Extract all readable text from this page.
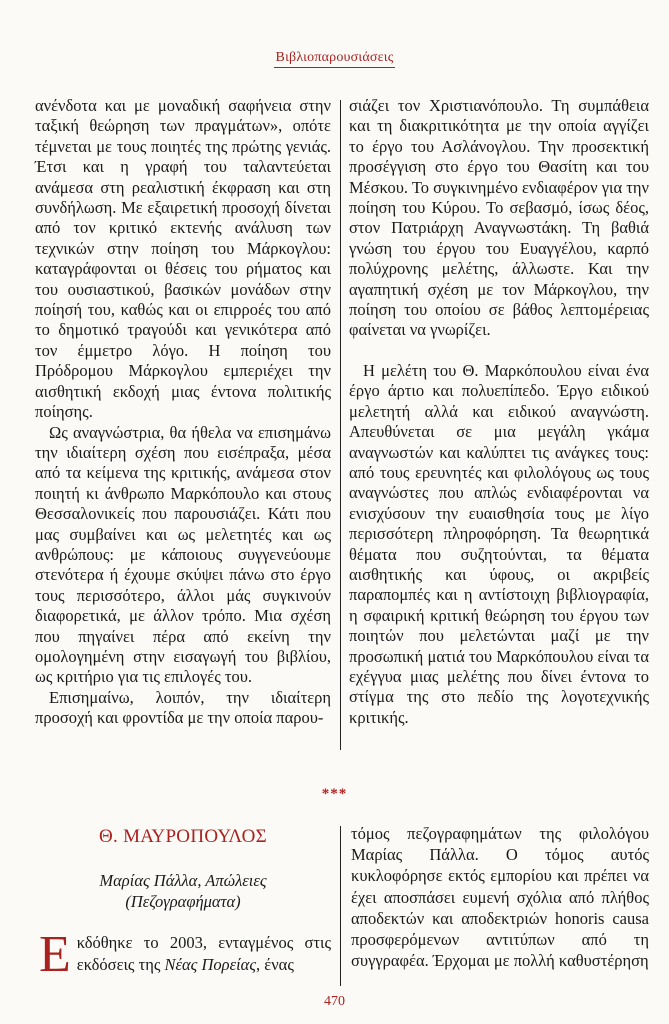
Βιβλιοπαρουσιάσεις

ανένδοτα και με μοναδική σαφήνεια στην ταξική θεώρηση των πραγμάτων», οπότε τέμνεται με τους ποιητές της πρώτης γενιάς. Έτσι και η γραφή του ταλαντεύεται ανάμεσα στη ρεαλιστική έκφραση και στη συνδήλωση. Με εξαιρετική προσοχή δίνεται από τον κριτικό εκτενής ανάλυση των τεχνικών στην ποίηση του Μάρκογλου: καταγράφονται οι θέσεις του ρήματος και του ουσιαστικού, βασικών μονάδων στην ποίησή του, καθώς και οι επιρροές του από το δημοτικό τραγούδι και γενικότερα από τον έμμετρο λόγο. Η ποίηση του Πρόδρομου Μάρκογλου εμπεριέχει την αισθητική εκδοχή μιας έντονα πολιτικής ποίησης.

Ως αναγνώστρια, θα ήθελα να επισημάνω την ιδιαίτερη σχέση που εισέπραξα, μέσα από τα κείμενα της κριτικής, ανάμεσα στον ποιητή κι άνθρωπο Μαρκόπουλο και στους Θεσσαλονικείς που παρουσιάζει. Κάτι που μας συμβαίνει και ως μελετητές και ως ανθρώπους: με κάποιους συγγενεύουμε στενότερα ή έχουμε σκύψει πάνω στο έργο τους περισσότερο, άλλοι μάς συγκινούν διαφορετικά, με άλλον τρόπο. Μια σχέση που πηγαίνει πέρα από εκείνη την ομολογημένη στην εισαγωγή του βιβλίου, ως κριτήριο για τις επιλογές του.

Επισημαίνω, λοιπόν, την ιδιαίτερη προσοχή και φροντίδα με την οποία παρου-

σιάζει τον Χριστιανόπουλο. Τη συμπάθεια και τη διακριτικότητα με την οποία αγγίζει το έργο του Ασλάνογλου. Την προσεκτική προσέγγιση στο έργο του Θασίτη και του Μέσκου. Το συγκινημένο ενδιαφέρον για την ποίηση του Κύρου. Το σεβασμό, ίσως δέος, στον Πατριάρχη Αναγνωστάκη. Τη βαθιά γνώση του έργου του Ευαγγέλου, καρπό πολύχρονης μελέτης, άλλωστε. Και την αγαπητική σχέση με τον Μάρκογλου, την ποίηση του οποίου σε βάθος λεπτομέρειας φαίνεται να γνωρίζει.

Η μελέτη του Θ. Μαρκόπουλου είναι ένα έργο άρτιο και πολυεπίπεδο. Έργο ειδικού μελετητή αλλά και ειδικού αναγνώστη. Απευθύνεται σε μια μεγάλη γκάμα αναγνωστών και καλύπτει τις ανάγκες τους: από τους ερευνητές και φιλολόγους ως τους αναγνώστες που απλώς ενδιαφέρονται να ενισχύσουν την ευαισθησία τους με λίγο περισσότερη πληροφόρηση. Τα θεωρητικά θέματα που συζητούνται, τα θέματα αισθητικής και ύφους, οι ακριβείς παραπομπές και η αντίστοιχη βιβλιογραφία, η σφαιρική κριτική θεώρηση του έργου των ποιητών που μελετώνται μαζί με την προσωπική ματιά του Μαρκόπουλου είναι τα εχέγγυα μιας μελέτης που δίνει έντονα το στίγμα της στο πεδίο της λογοτεχνικής κριτικής.

***
Θ. ΜΑΥΡΟΠΟΥΛΟΣ
Μαρίας Πάλλα, Απώλειες
(Πεζογραφήματα)
Ε κδόθηκε το 2003, ενταγμένος στις εκδόσεις της Νέας Πορείας, ένας
τόμος πεζογραφημάτων της φιλολόγου Μαρίας Πάλλα. Ο τόμος αυτός κυκλοφόρησε εκτός εμπορίου και πρέπει να έχει αποσπάσει ευμενή σχόλια από πλήθος αποδεκτών και αποδεκτριών honoris causa προσφερόμενων αντιτύπων από τη συγγραφέα. Έρχομαι με πολλή καθυστέρηση
470
